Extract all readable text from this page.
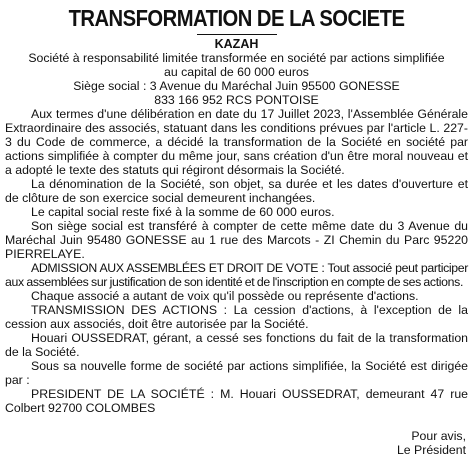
TRANSFORMATION DE LA SOCIETE
KAZAH
Société à responsabilité limitée transformée en société par actions simplifiée
au capital de 60 000 euros
Siège social : 3 Avenue du Maréchal Juin 95500 GONESSE
833 166 952 RCS PONTOISE
Aux termes d'une délibération en date du 17 Juillet 2023, l'Assemblée Générale Extraordinaire des associés, statuant dans les conditions prévues par l'article L. 227-3 du Code de commerce, a décidé la transformation de la Société en société par actions simplifiée à compter du même jour, sans création d'un être moral nouveau et a adopté le texte des statuts qui régiront désormais la Société.
La dénomination de la Société, son objet, sa durée et les dates d'ouverture et de clôture de son exercice social demeurent inchangées.
Le capital social reste fixé à la somme de 60 000 euros.
Son siège social est transféré à compter de cette même date du 3 Avenue du Maréchal Juin 95480 GONESSE au 1 rue des Marcots - ZI Chemin du Parc 95220 PIERRELAYE.
ADMISSION AUX ASSEMBLÉES ET DROIT DE VOTE : Tout associé peut participer aux assemblées sur justification de son identité et de l'inscription en compte de ses actions.
Chaque associé a autant de voix qu'il possède ou représente d'actions.
TRANSMISSION DES ACTIONS : La cession d'actions, à l'exception de la cession aux associés, doit être autorisée par la Société.
Houari OUSSEDRAT, gérant, a cessé ses fonctions du fait de la transformation de la Société.
Sous sa nouvelle forme de société par actions simplifiée, la Société est dirigée par :
PRESIDENT DE LA SOCIÉTÉ : M. Houari OUSSEDRAT, demeurant 47 rue Colbert 92700 COLOMBES
Pour avis,
Le Président
